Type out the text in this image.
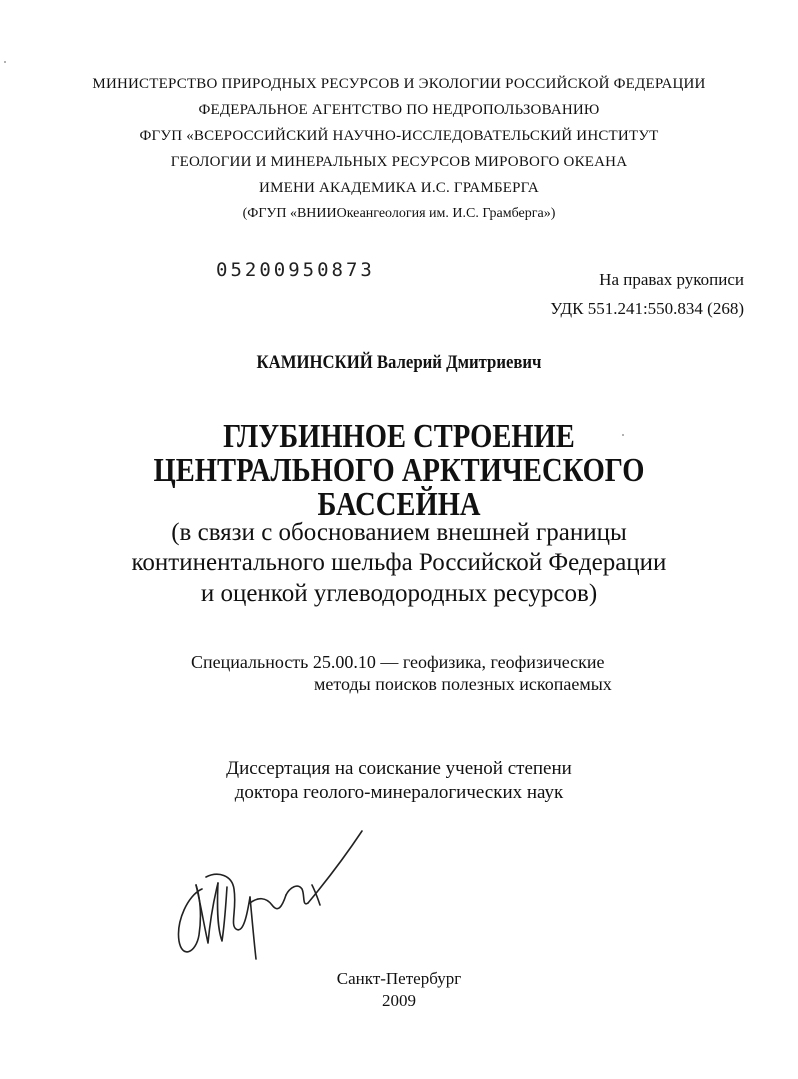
МИНИСТЕРСТВО ПРИРОДНЫХ РЕСУРСОВ И ЭКОЛОГИИ РОССИЙСКОЙ ФЕДЕРАЦИИ
ФЕДЕРАЛЬНОЕ АГЕНТСТВО ПО НЕДРОПОЛЬЗОВАНИЮ
ФГУП «ВСЕРОССИЙСКИЙ НАУЧНО-ИССЛЕДОВАТЕЛЬСКИЙ ИНСТИТУТ
ГЕОЛОГИИ И МИНЕРАЛЬНЫХ РЕСУРСОВ МИРОВОГО ОКЕАНА
ИМЕНИ АКАДЕМИКА И.С. ГРАМБЕРГА
(ФГУП «ВНИИОкеангеология им. И.С. Грамберга»)
05200950873	На правах рукописи
УДК 551.241:550.834 (268)
КАМИНСКИЙ Валерий Дмитриевич
ГЛУБИННОЕ СТРОЕНИЕ
ЦЕНТРАЛЬНОГО АРКТИЧЕСКОГО
БАССЕЙНА
(в связи с обоснованием внешней границы
континентального шельфа Российской Федерации
и оценкой углеводородных ресурсов)
Специальность 25.00.10 — геофизика, геофизические
методы поисков полезных ископаемых
Диссертация на соискание ученой степени
доктора геолого-минералогических наук
Санкт-Петербург
2009
